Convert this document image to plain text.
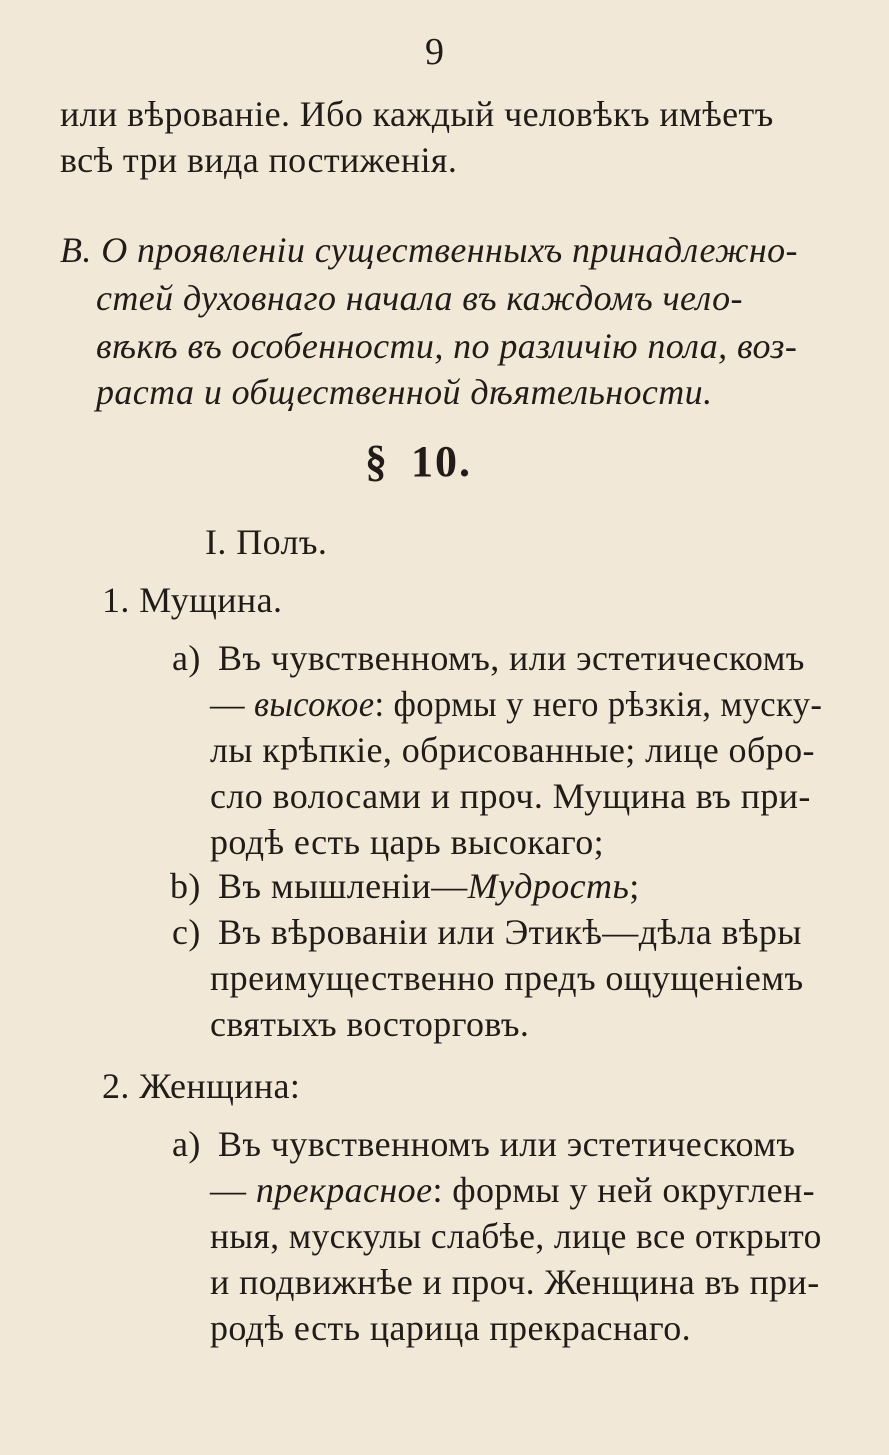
9
или вѣрованіе. Ибо каждый человѣкъ имѣетъ
всѣ три вида постиженія.
B. О проявленіи существенныхъ принадлежно-
стей духовнаго начала въ каждомъ чело-
вѣкѣ въ особенности, по различію пола, воз-
раста и общественной дѣятельности.
§ 10.
I. Полъ.
1. Мущина.
а) Въ чувственномъ, или эстетическомъ
— высокое: формы у него рѣзкія, муску-
лы крѣпкіе, обрисованные; лице обро-
сло волосами и проч. Мущина въ при-
родѣ есть царь высокаго;
b) Въ мышленіи—Мудрость;
с) Въ вѣрованіи или Этикѣ—дѣла вѣры
преимущественно предъ ощущеніемъ
святыхъ восторговъ.
2. Женщина:
а) Въ чувственномъ или эстетическомъ
— прекрасное: формы у ней округлен-
ныя, мускулы слабѣе, лице все открыто
и подвижнѣе и проч. Женщина въ при-
родѣ есть царица прекраснаго.
